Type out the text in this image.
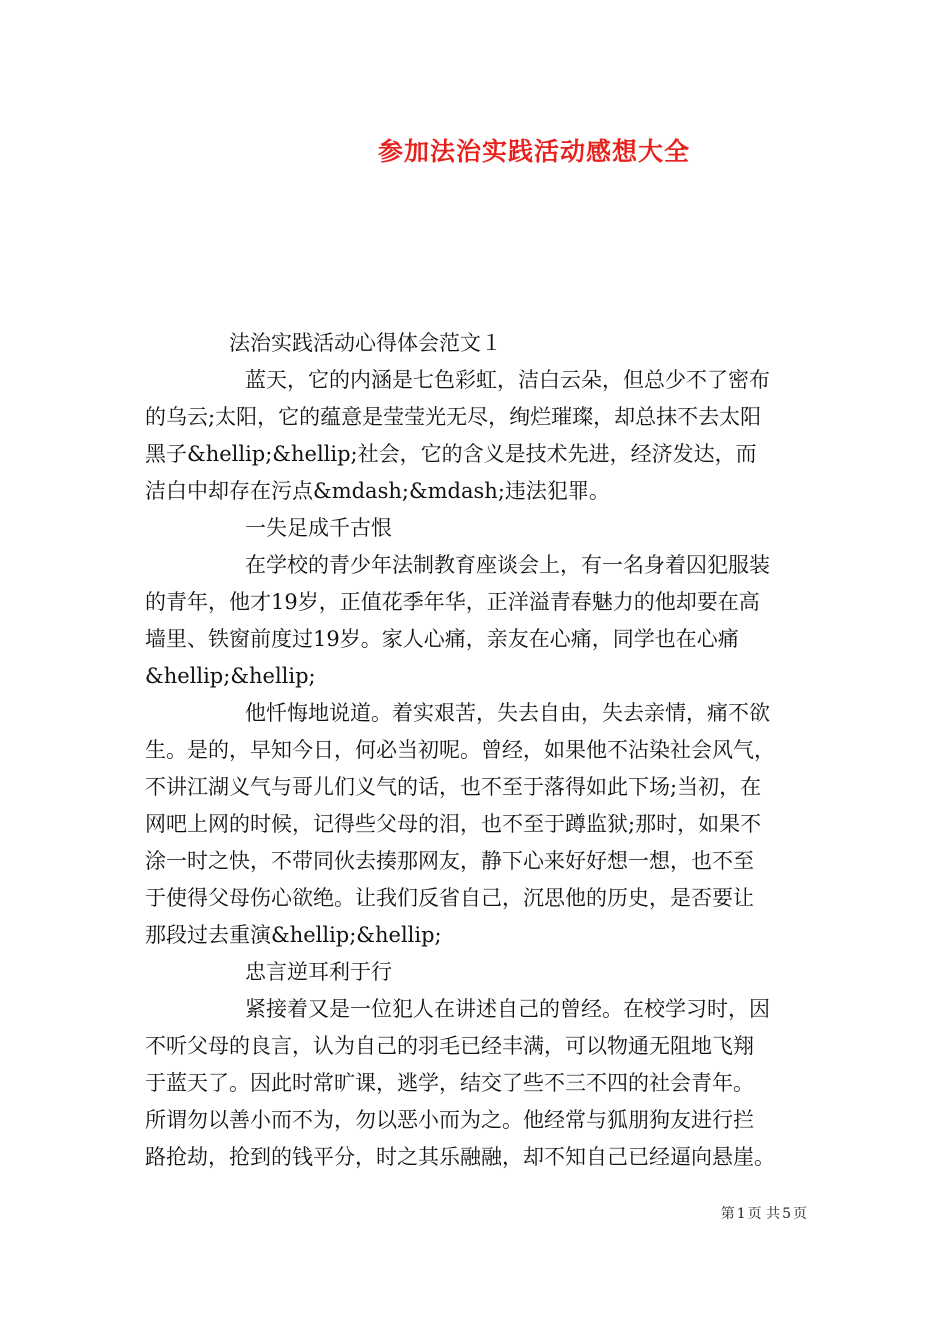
参加法治实践活动感想大全
法治实践活动心得体会范文１
蓝天，它的内涵是七色彩虹，洁白云朵，但总少不了密布
的乌云;太阳，它的蕴意是莹莹光无尽，绚烂璀璨，却总抹不去太阳
黑子&hellip;&hellip;社会，它的含义是技术先进，经济发达，而
洁白中却存在污点&mdash;&mdash;违法犯罪。
一失足成千古恨
在学校的青少年法制教育座谈会上，有一名身着囚犯服装
的青年，他才19岁，正值花季年华，正洋溢青春魅力的他却要在高
墙里、铁窗前度过19岁。家人心痛，亲友在心痛，同学也在心痛
&hellip;&hellip;
他忏悔地说道。着实艰苦，失去自由，失去亲情，痛不欲
生。是的，早知今日，何必当初呢。曾经，如果他不沾染社会风气，
不讲江湖义气与哥儿们义气的话，也不至于落得如此下场;当初，在
网吧上网的时候，记得些父母的泪，也不至于蹲监狱;那时，如果不
涂一时之快，不带同伙去揍那网友，静下心来好好想一想，也不至
于使得父母伤心欲绝。让我们反省自己，沉思他的历史，是否要让
那段过去重演&hellip;&hellip;
忠言逆耳利于行
紧接着又是一位犯人在讲述自己的曾经。在校学习时，因
不听父母的良言，认为自己的羽毛已经丰满，可以物通无阻地飞翔
于蓝天了。因此时常旷课，逃学，结交了些不三不四的社会青年。
所谓勿以善小而不为，勿以恶小而为之。他经常与狐朋狗友进行拦
路抢劫，抢到的钱平分，时之其乐融融，却不知自己已经逼向悬崖。
第 1 页 共 5 页
